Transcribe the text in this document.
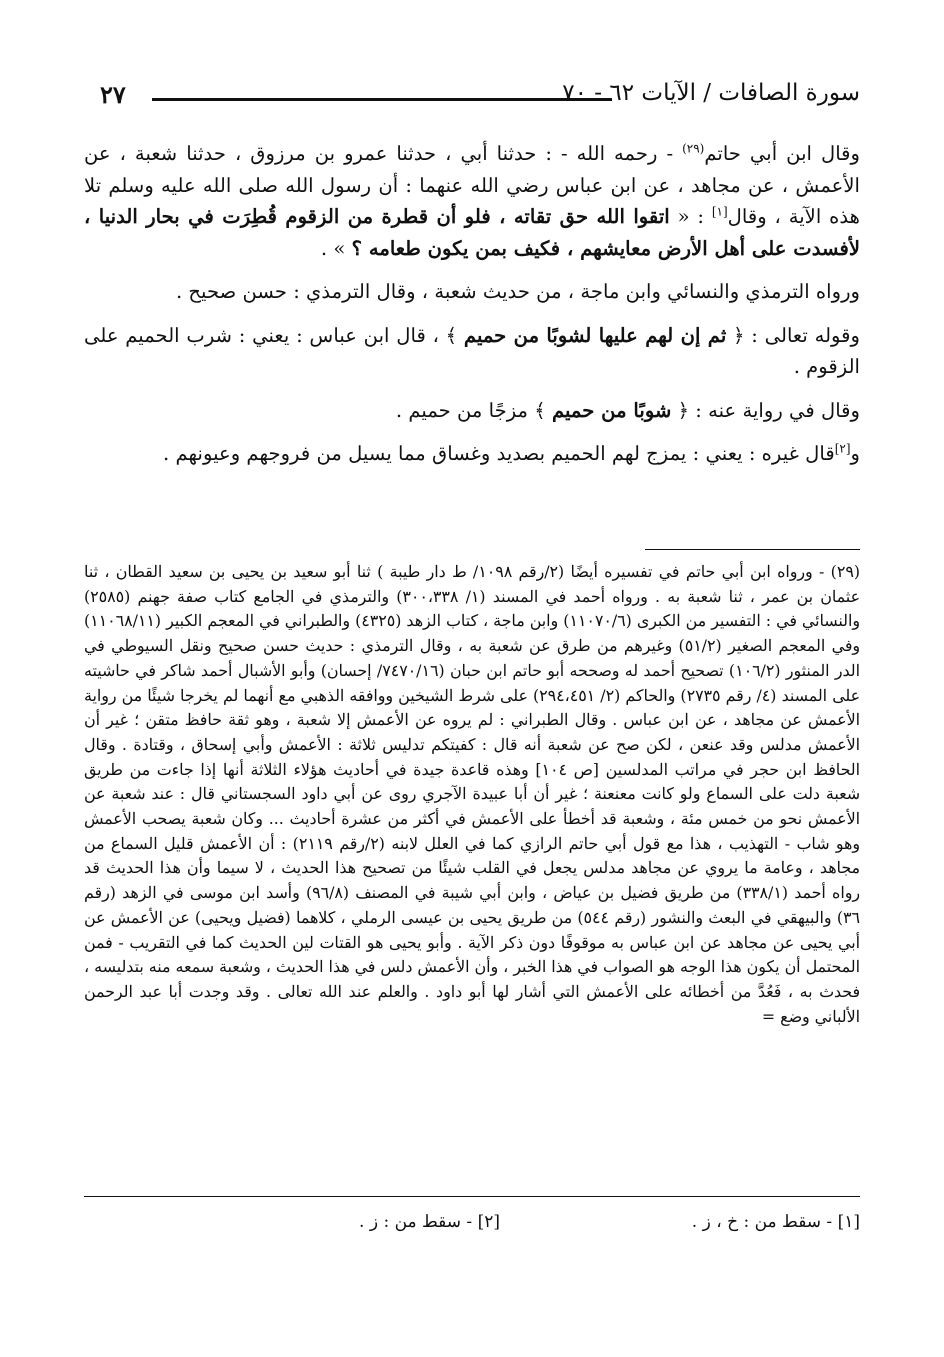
٢٧	سورة الصافات / الآيات ٦٢ - ٧٠

وقال ابن أبي حاتم$^{(٢٩)}$ - رحمه الله - : حدثنا أبي ، حدثنا عمرو بن مرزوق ، حدثنا شعبة ، عن الأعمش ، عن مجاهد ، عن ابن عباس رضي الله عنهما : أن رسول الله صلى الله عليه وسلم تلا هذه الآية ، وقال[١] : « اتقوا الله حق تقاته ، فلو أن قطرة من الزقوم قُطِرَت في بحار الدنيا ، لأفسدت على أهل الأرض معايشهم ، فكيف بمن يكون طعامه ؟ » .

ورواه الترمذي والنسائي وابن ماجة ، من حديث شعبة ، وقال الترمذي : حسن صحيح .

وقوله تعالى : ﴿ ثم إن لهم عليها لشوبًا من حميم ﴾ ، قال ابن عباس : يعني : شرب الحميم على الزقوم .

وقال في رواية عنه : ﴿ شوبًا من حميم ﴾ مزجًا من حميم .

و[٢]قال غيره : يعني : يمزج لهم الحميم بصديد وغساق مما يسيل من فروجهم وعيونهم .

(٢٩) - ورواه ابن أبي حاتم في تفسيره أيضًا (٢/رقم ١٠٩٨/ ط دار طيبة ) ثنا أبو سعيد بن يحيى بن سعيد القطان ، ثنا عثمان بن عمر ، ثنا شعبة به . ورواه أحمد في المسند (١/ ٣٠٠،٣٣٨) والترمذي في الجامع كتاب صفة جهنم (٢٥٨٥) والنسائي في : التفسير من الكبرى (١١٠٧٠/٦) وابن ماجة ، كتاب الزهد (٤٣٢٥) والطبراني في المعجم الكبير (١١٠٦٨/١١) وفي المعجم الصغير (٥١/٢) وغيرهم من طرق عن شعبة به ، وقال الترمذي : حديث حسن صحيح ونقل السيوطي في الدر المنثور (١٠٦/٢) تصحيح أحمد له وصححه أبو حاتم ابن حبان (٧٤٧٠/١٦/ إحسان) وأبو الأشبال أحمد شاكر في حاشيته على المسند (٤/ رقم ٢٧٣٥) والحاكم (٢/ ٢٩٤،٤٥١) على شرط الشيخين ووافقه الذهبي مع أنهما لم يخرجا شيئًا من رواية الأعمش عن مجاهد ، عن ابن عباس . وقال الطبراني : لم يروه عن الأعمش إلا شعبة ، وهو ثقة حافظ متقن ؛ غير أن الأعمش مدلس وقد عنعن ، لكن صح عن شعبة أنه قال : كفيتكم تدليس ثلاثة : الأعمش وأبي إسحاق ، وقتادة . وقال الحافظ ابن حجر في مراتب المدلسين [ص ١٠٤] وهذه قاعدة جيدة في أحاديث هؤلاء الثلاثة أنها إذا جاءت من طريق شعبة دلت على السماع ولو كانت معنعنة ؛ غير أن أبا عبيدة الآجري روى عن أبي داود السجستاني قال : عند شعبة عن الأعمش نحو من خمس مئة ، وشعبة قد أخطأ على الأعمش في أكثر من عشرة أحاديث ... وكان شعبة يصحب الأعمش وهو شاب - التهذيب ، هذا مع قول أبي حاتم الرازي كما في العلل لابنه (٢/رقم ٢١١٩) : أن الأعمش قليل السماع من مجاهد ، وعامة ما يروي عن مجاهد مدلس يجعل في القلب شيئًا من تصحيح هذا الحديث ، لا سيما وأن هذا الحديث قد رواه أحمد (٣٣٨/١) من طريق فضيل بن عياض ، وابن أبي شيبة في المصنف (٩٦/٨) وأسد ابن موسى في الزهد (رقم ٣٦) والبيهقي في البعث والنشور (رقم ٥٤٤) من طريق يحيى بن عيسى الرملي ، كلاهما (فضيل ويحيى) عن الأعمش عن أبي يحيى عن مجاهد عن ابن عباس به موقوفًا دون ذكر الآية . وأبو يحيى هو القتات لين الحديث كما في التقريب - فمن المحتمل أن يكون هذا الوجه هو الصواب في هذا الخبر ، وأن الأعمش دلس في هذا الحديث ، وشعبة سمعه منه بتدليسه ، فحدث به ، فَعُدَّ من أخطائه على الأعمش التي أشار لها أبو داود . والعلم عند الله تعالى . وقد وجدت أبا عبد الرحمن الألباني وضع =

[١] - سقط من : خ ، ز .
[٢] - سقط من : ز .
